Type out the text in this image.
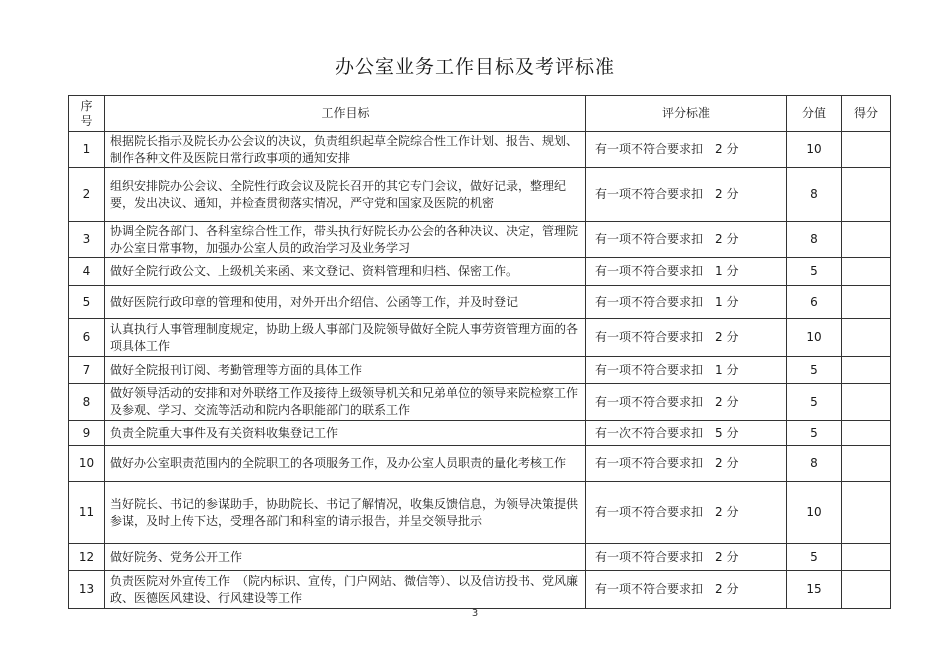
办公室业务工作目标及考评标准
序
号	工作目标	评分标准	分值	得分
1	根据院长指示及院长办公会议的决议，负责组织起草全院综合性工作计划、报告、规划、制作各种文件及医院日常行政事项的通知安排	有一项不符合要求扣　2 分	10	
2	组织安排院办公会议、全院性行政会议及院长召开的其它专门会议，做好记录，整理纪要，发出决议、通知，并检查贯彻落实情况，严守党和国家及医院的机密	有一项不符合要求扣　2 分	8	
3	协调全院各部门、各科室综合性工作，带头执行好院长办公会的各种决议、决定，管理院办公室日常事物，加强办公室人员的政治学习及业务学习	有一项不符合要求扣　2 分	8	
4	做好全院行政公文、上级机关来函、来文登记、资料管理和归档、保密工作。	有一项不符合要求扣　1 分	5	
5	做好医院行政印章的管理和使用，对外开出介绍信、公函等工作，并及时登记	有一项不符合要求扣　1 分	6	
6	认真执行人事管理制度规定，协助上级人事部门及院领导做好全院人事劳资管理方面的各项具体工作	有一项不符合要求扣　2 分	10	
7	做好全院报刊订阅、考勤管理等方面的具体工作	有一项不符合要求扣　1 分	5	
8	做好领导活动的安排和对外联络工作及接待上级领导机关和兄弟单位的领导来院检察工作及参观、学习、交流等活动和院内各职能部门的联系工作	有一项不符合要求扣　2 分	5	
9	负责全院重大事件及有关资料收集登记工作	有一次不符合要求扣　5 分	5	
10	做好办公室职责范围内的全院职工的各项服务工作，及办公室人员职责的量化考核工作	有一项不符合要求扣　2 分	8	
11	当好院长、书记的参谋助手，协助院长、书记了解情况，收集反馈信息，为领导决策提供参谋，及时上传下达，受理各部门和科室的请示报告，并呈交领导批示	有一项不符合要求扣　2 分	10	
12	做好院务、党务公开工作	有一项不符合要求扣　2 分	5	
13	负责医院对外宣传工作　（院内标识、宣传，门户网站、微信等）、以及信访投书、党风廉政、医德医风建设、行风建设等工作	有一项不符合要求扣　2 分	15	
3
